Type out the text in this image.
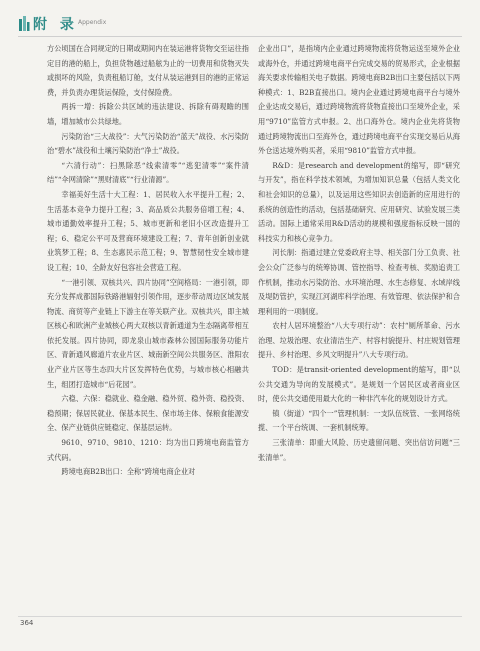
附 录 Appendix

方公顷国在合同规定的日期或期间内在装运港将货物交至运往指定目的港的船上，负担货物越过船舷为止的一切费用和货物灭失或损坏的风险，负责租船订舱，支付从装运港到目的港的正常运费，并负责办理货运保险，支付保险费。

两拆一增：拆除公共区域的违法建设、拆除有碍观瞻的围墙，增加城市公共绿地。

污染防治“三大战役”：大气污染防治“蓝天”战役、水污染防治“碧水”战役和土壤污染防治“净土”战役。

“六清行动”：扫黑除恶“线索清零”“逃犯清零”“案件清结”“伞网清除”“黑财清底”“行业清源”。

幸福美好生活十大工程：1、居民收入水平提升工程；2、生活基本竞争力提升工程；3、高品质公共服务倍增工程；4、城市通勤效率提升工程；5、城市更新和老旧小区改造提升工程；6、稳定公平可及营商环境建设工程；7、青年创新创业就业筑梦工程；8、生态惠民示范工程；9、智慧韧性安全城市建设工程；10、全龄友好包容社会营造工程。

“一港引领、双核共兴、四片协同”空间格局：一港引领，即充分发挥成都国际铁路港辐射引领作用，逐步带动周边区域发展物流、商贸等产业链上下游主在等关联产业。双核共兴，即主城区核心和欧洲产业城核心两大双核以青新通道为生态隔离带相互依托发展。四片协同，即龙泉山城市森林公园国际服务功能片区、青新通风廊道片农业片区、城南新空间公共服务区、淮阳农业产业片区等生态四大片区发挥特色优势，与城市核心相融共生，组团打造城市“后花园”。

六稳、六保：稳就业、稳金融、稳外贸、稳外资、稳投资、稳预期；保居民就业、保基本民生、保市场主体、保粮食能源安全、保产业链供应链稳定、保基层运转。

9610、9710、9810、1210：均为出口跨境电商监管方式代码。

跨境电商B2B出口：全称“跨境电商企业对

企业出口”，是指境内企业通过跨境物流将货物运送至境外企业或海外仓，并通过跨境电商平台完成交易的贸易形式，企业根据海关要求传输相关电子数据。跨境电商B2B出口主要包括以下两种模式：1、B2B直接出口。境内企业通过跨境电商平台与境外企业达成交易后，通过跨境物流将货物直接出口至境外企业，采用“9710”监管方式申报。2、出口海外仓。境内企业先将货物通过跨境物流出口至海外仓，通过跨境电商平台实现交易后从海外仓送达境外购买者，采用“9810”监管方式申报。

R&D：是research and development的缩写，即“研究与开发”，指在科学技术领域，为增加知识总量（包括人类文化和社会知识的总量），以及运用这些知识去创造新的应用进行的系统的创造性的活动，包括基础研究、应用研究、试验发展三类活动。国际上通常采用R&D活动的规模和强度指标反映一国的科技实力和核心竞争力。

河长制：指通过建立党委政府主导、相关部门分工负责、社会公众广泛参与的统筹协调、管控指导、检查考核、奖励追责工作机制，推动水污染防治、水环境治理、水生态修复、水域岸线及堤防管护，实现江河湖库科学治理、有效管理、依法保护和合理利用的一项制度。

农村人居环境整治“八大专项行动”：农村“厕所革命、污水治理、垃圾治理、农业清洁生产、村容村貌提升、村庄规划管理提升、乡村治理、乡风文明提升”八大专项行动。

TOD：是transit-oriented development的缩写，即“以公共交通为导向的发展模式”。是规划一个居民区或者商业区时，使公共交通使用最大化的一种非汽车化的规划设计方式。

镇（街道）“四个一”管理机制：一支队伍统管、一张网络统揽、一个平台统调、一套机制统筹。

三张清单：即重大风险、历史遗留问题、突出信访问题“三张清单”。

364
